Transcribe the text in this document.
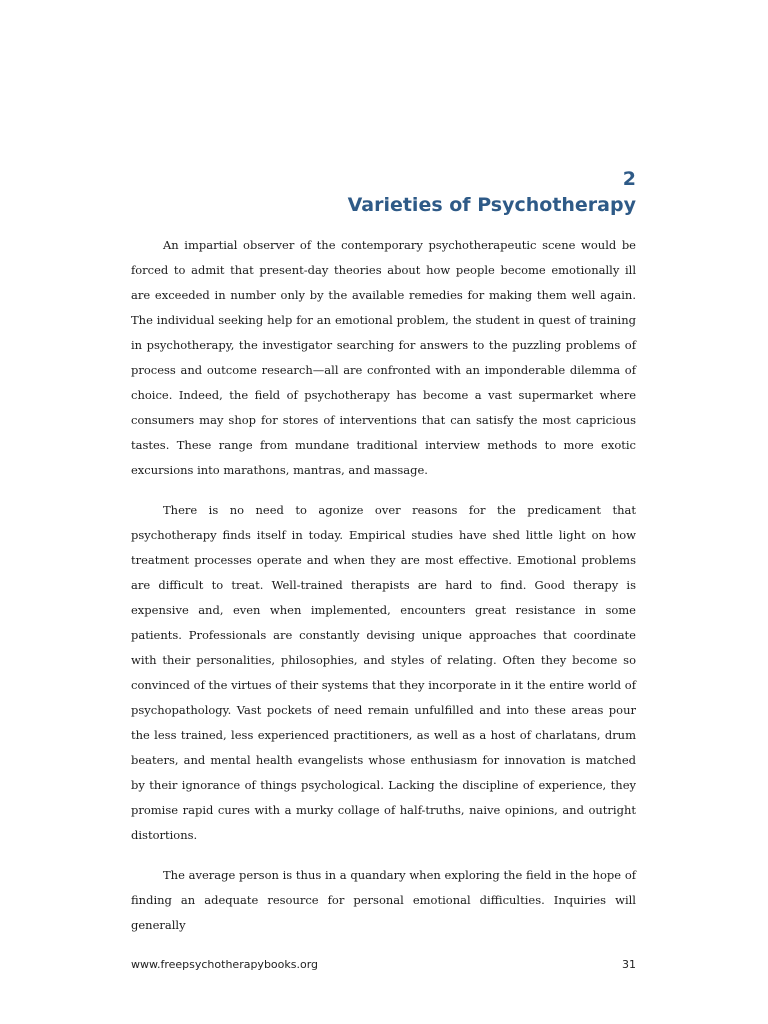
2
Varieties of Psychotherapy

An impartial observer of the contemporary psychotherapeutic scene would be forced to admit that present-day theories about how people become emotionally ill are exceeded in number only by the available remedies for making them well again. The individual seeking help for an emotional problem, the student in quest of training in psychotherapy, the investigator searching for answers to the puzzling problems of process and outcome research—all are confronted with an imponderable dilemma of choice. Indeed, the field of psychotherapy has become a vast supermarket where consumers may shop for stores of interventions that can satisfy the most capricious tastes. These range from mundane traditional interview methods to more exotic excursions into marathons, mantras, and massage.

There is no need to agonize over reasons for the predicament that psychotherapy finds itself in today. Empirical studies have shed little light on how treatment processes operate and when they are most effective. Emotional problems are difficult to treat. Well-trained therapists are hard to find. Good therapy is expensive and, even when implemented, encounters great resistance in some patients. Professionals are constantly devising unique approaches that coordinate with their personalities, philosophies, and styles of relating. Often they become so convinced of the virtues of their systems that they incorporate in it the entire world of psychopathology. Vast pockets of need remain unfulfilled and into these areas pour the less trained, less experienced practitioners, as well as a host of charlatans, drum beaters, and mental health evangelists whose enthusiasm for innovation is matched by their ignorance of things psychological. Lacking the discipline of experience, they promise rapid cures with a murky collage of half-truths, naive opinions, and outright distortions.

The average person is thus in a quandary when exploring the field in the hope of finding an adequate resource for personal emotional difficulties. Inquiries will generally

www.freepsychotherapybooks.org	31
